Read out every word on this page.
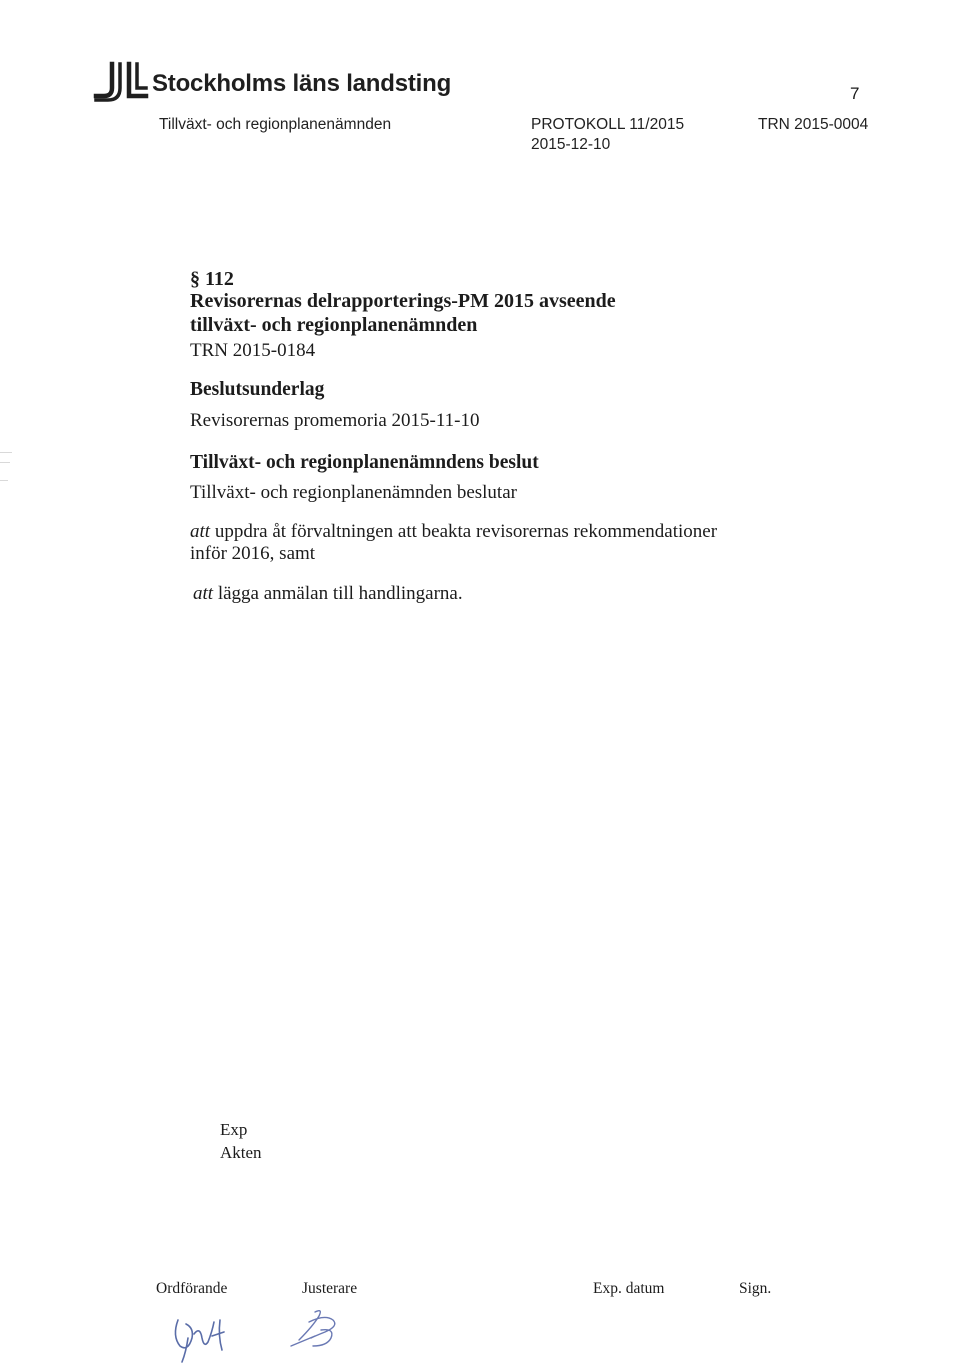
Stockholms läns landsting	7
Tillväxt- och regionplanenämnden	PROTOKOLL 11/2015
2015-12-10
TRN 2015-0004
§ 112
Revisorernas delrapporterings-PM 2015 avseende
tillväxt- och regionplanenämnden
TRN 2015-0184
Beslutsunderlag
Revisorernas promemoria 2015-11-10
Tillväxt- och regionplanenämndens beslut
Tillväxt- och regionplanenämnden beslutar
att uppdra åt förvaltningen att beakta revisorernas rekommendationer
inför 2016, samt
att lägga anmälan till handlingarna.
Exp
Akten
Ordförande	Justerare	Exp. datum	Sign.
